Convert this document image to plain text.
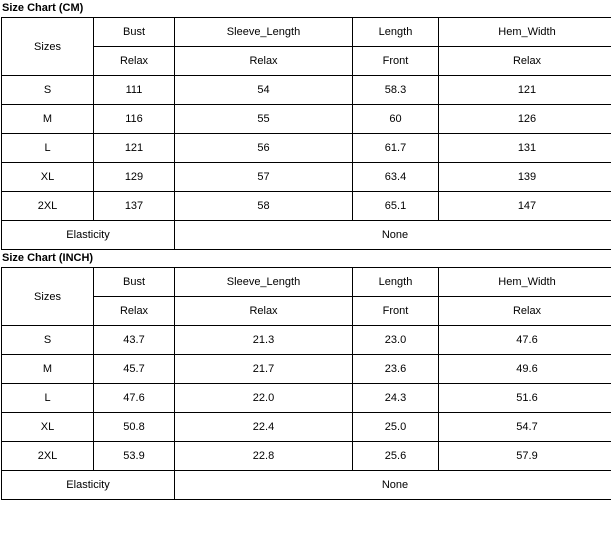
Size Chart (CM)
Sizes	Bust	Sleeve_Length	Length	Hem_Width
	Relax	Relax	Front	Relax
S	111	54	58.3	121
M	116	55	60	126
L	121	56	61.7	131
XL	129	57	63.4	139
2XL	137	58	65.1	147
Elasticity		None		
Size Chart (INCH)
Sizes	Bust	Sleeve_Length	Length	Hem_Width
	Relax	Relax	Front	Relax
S	43.7	21.3	23.0	47.6
M	45.7	21.7	23.6	49.6
L	47.6	22.0	24.3	51.6
XL	50.8	22.4	25.0	54.7
2XL	53.9	22.8	25.6	57.9
Elasticity		None		
